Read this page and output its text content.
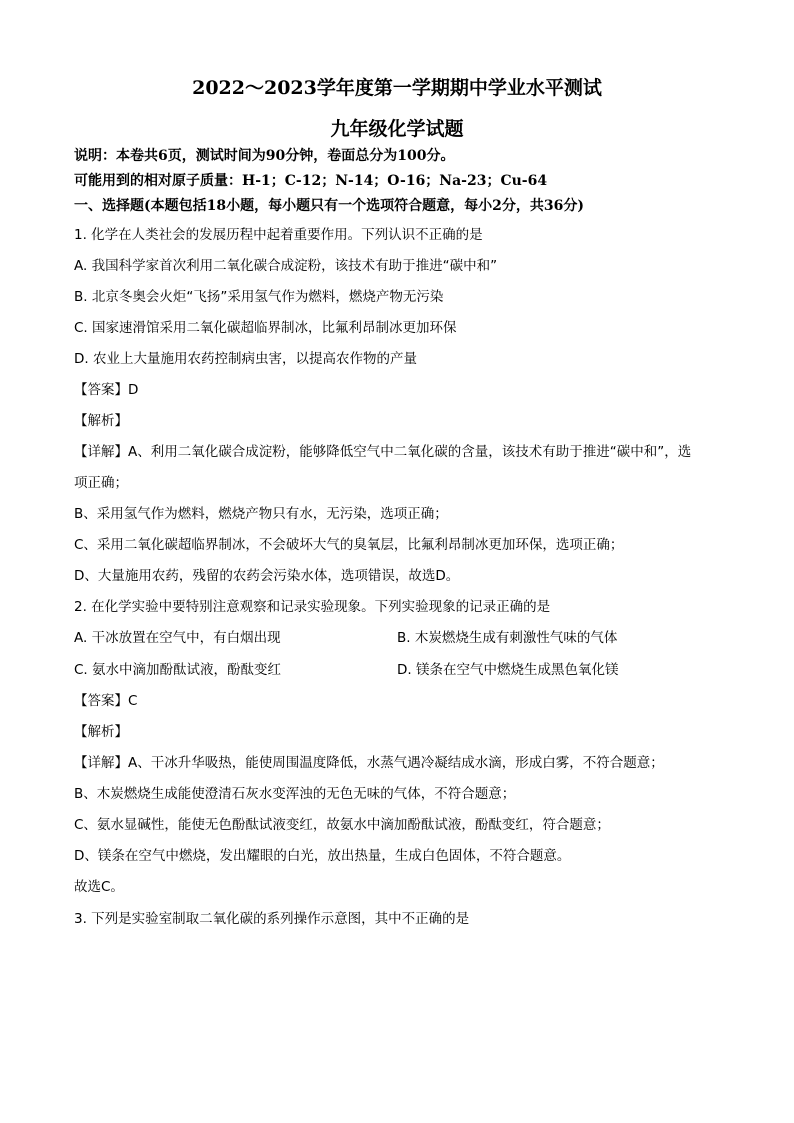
2022～2023学年度第一学期期中学业水平测试
九年级化学试题
说明：本卷共6页，测试时间为90分钟，卷面总分为100分。
可能用到的相对原子质量：H-1；C-12；N-14；O-16；Na-23；Cu-64
一、选择题(本题包括18小题，每小题只有一个选项符合题意，每小2分，共36分)
1. 化学在人类社会的发展历程中起着重要作用。下列认识不正确的是
A. 我国科学家首次利用二氧化碳合成淀粉，该技术有助于推进“碳中和”
B. 北京冬奥会火炬“飞扬”采用氢气作为燃料，燃烧产物无污染
C. 国家速滑馆采用二氧化碳超临界制冰，比氟利昂制冰更加环保
D. 农业上大量施用农药控制病虫害，以提高农作物的产量
【答案】D
【解析】
【详解】A、利用二氧化碳合成淀粉，能够降低空气中二氧化碳的含量，该技术有助于推进“碳中和”，选
项正确；
B、采用氢气作为燃料，燃烧产物只有水，无污染，选项正确；
C、采用二氧化碳超临界制冰，不会破坏大气的臭氧层，比氟利昂制冰更加环保，选项正确；
D、大量施用农药，残留的农药会污染水体，选项错误，故选D。
2. 在化学实验中要特别注意观察和记录实验现象。下列实验现象的记录正确的是
A. 干冰放置在空气中，有白烟出现	B. 木炭燃烧生成有刺激性气味的气体
C. 氨水中滴加酚酞试液，酚酞变红	D. 镁条在空气中燃烧生成黑色氧化镁
【答案】C
【解析】
【详解】A、干冰升华吸热，能使周围温度降低，水蒸气遇冷凝结成水滴，形成白雾，不符合题意；
B、木炭燃烧生成能使澄清石灰水变浑浊的无色无味的气体，不符合题意；
C、氨水显碱性，能使无色酚酞试液变红，故氨水中滴加酚酞试液，酚酞变红，符合题意；
D、镁条在空气中燃烧，发出耀眼的白光，放出热量，生成白色固体，不符合题意。
故选C。
3. 下列是实验室制取二氧化碳的系列操作示意图，其中不正确的是
